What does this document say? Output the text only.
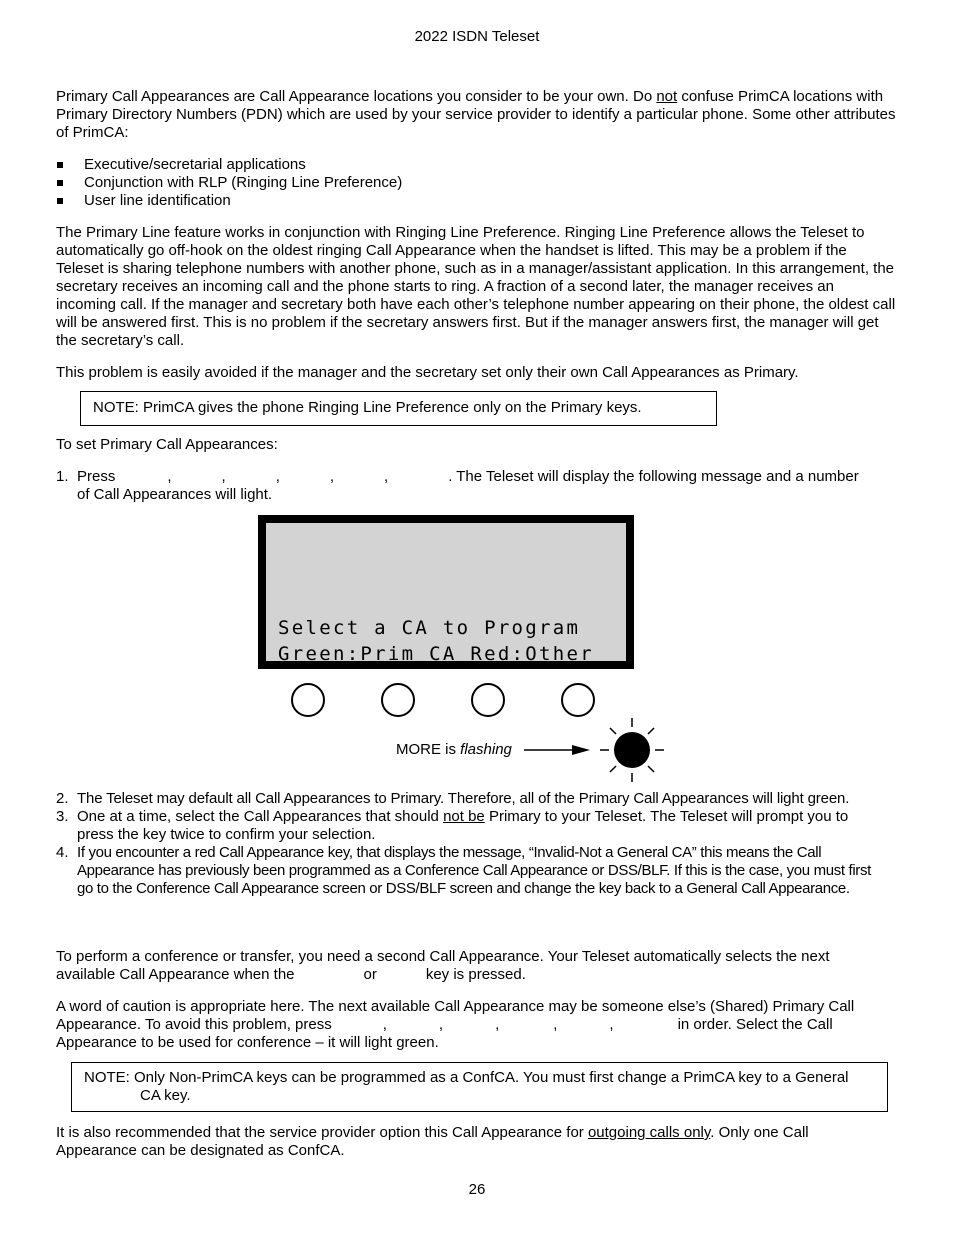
2022 ISDN Teleset
Primary Call Appearances are Call Appearance locations you consider to be your own. Do not confuse PrimCA locations with Primary Directory Numbers (PDN) which are used by your service provider to identify a particular phone. Some other attributes of PrimCA:
Executive/secretarial applications
Conjunction with RLP (Ringing Line Preference)
User line identification
The Primary Line feature works in conjunction with Ringing Line Preference. Ringing Line Preference allows the Teleset to automatically go off-hook on the oldest ringing Call Appearance when the handset is lifted. This may be a problem if the Teleset is sharing telephone numbers with another phone, such as in a manager/assistant application. In this arrangement, the secretary receives an incoming call and the phone starts to ring. A fraction of a second later, the manager receives an incoming call. If the manager and secretary both have each other’s telephone number appearing on their phone, the oldest call will be answered first. This is no problem if the secretary answers first. But if the manager answers first, the manager will get the secretary’s call.
This problem is easily avoided if the manager and the secretary set only their own Call Appearances as Primary.
NOTE: PrimCA gives the phone Ringing Line Preference only on the Primary keys.
To set Primary Call Appearances:
1. Press	,	,	,	,	,	. The Teleset will display the following message and a number
of Call Appearances will light.
Select a CA to Program
Green:Prim CA Red:Other
MORE is flashing
2. The Teleset may default all Call Appearances to Primary. Therefore, all of the Primary Call Appearances will light green.
3. One at a time, select the Call Appearances that should not be Primary to your Teleset. The Teleset will prompt you to
press the key twice to confirm your selection.
4. If you encounter a red Call Appearance key, that displays the message, “Invalid-Not a General CA” this means the Call
Appearance has previously been programmed as a Conference Call Appearance or DSS/BLF. If this is the case, you must first
go to the Conference Call Appearance screen or DSS/BLF screen and change the key back to a General Call Appearance.
To perform a conference or transfer, you need a second Call Appearance. Your Teleset automatically selects the next
available Call Appearance when the	or	key is pressed.
A word of caution is appropriate here. The next available Call Appearance may be someone else’s (Shared) Primary Call
Appearance. To avoid this problem, press	,	,	,	,	,	in order. Select the Call
Appearance to be used for conference – it will light green.
NOTE: Only Non-PrimCA keys can be programmed as a ConfCA. You must first change a PrimCA key to a General
CA key.
It is also recommended that the service provider option this Call Appearance for outgoing calls only. Only one Call
Appearance can be designated as ConfCA.
26
